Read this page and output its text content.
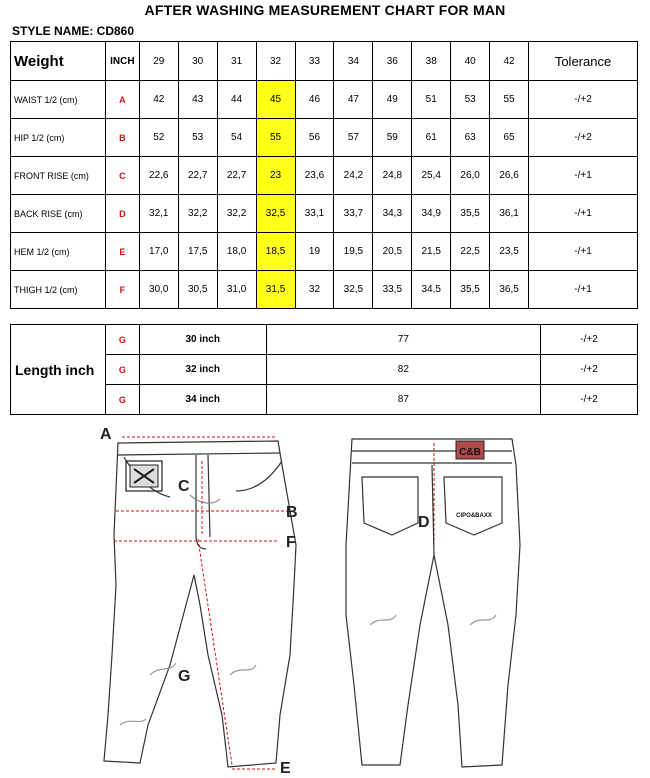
AFTER WASHING MEASUREMENT CHART FOR MAN
STYLE NAME: CD860
Weight	INCH	29	30	31	32	33	34	36	38	40	42	Tolerance
WAIST 1/2 (cm)	A	42	43	44	45	46	47	49	51	53	55	-/+2
HIP 1/2 (cm)	B	52	53	54	55	56	57	59	61	63	65	-/+2
FRONT RISE (cm)	C	22,6	22,7	22,7	23	23,6	24,2	24,8	25,4	26,0	26,6	-/+1
BACK RISE (cm)	D	32,1	32,2	32,2	32,5	33,1	33,7	34,3	34,9	35,5	36,1	-/+1
HEM 1/2 (cm)	E	17,0	17,5	18,0	18,5	19	19,5	20,5	21,5	22,5	23,5	-/+1
THIGH 1/2 (cm)	F	30,0	30,5	31,0	31,5	32	32,5	33,5	34,5	35,5	36,5	-/+1
Length inch	G	30 inch	77	-/+2
	G	32 inch	82	-/+2
	G	34 inch	87	-/+2
C&B
CIPO&BAXX
A
B
C
D
E
F
G
